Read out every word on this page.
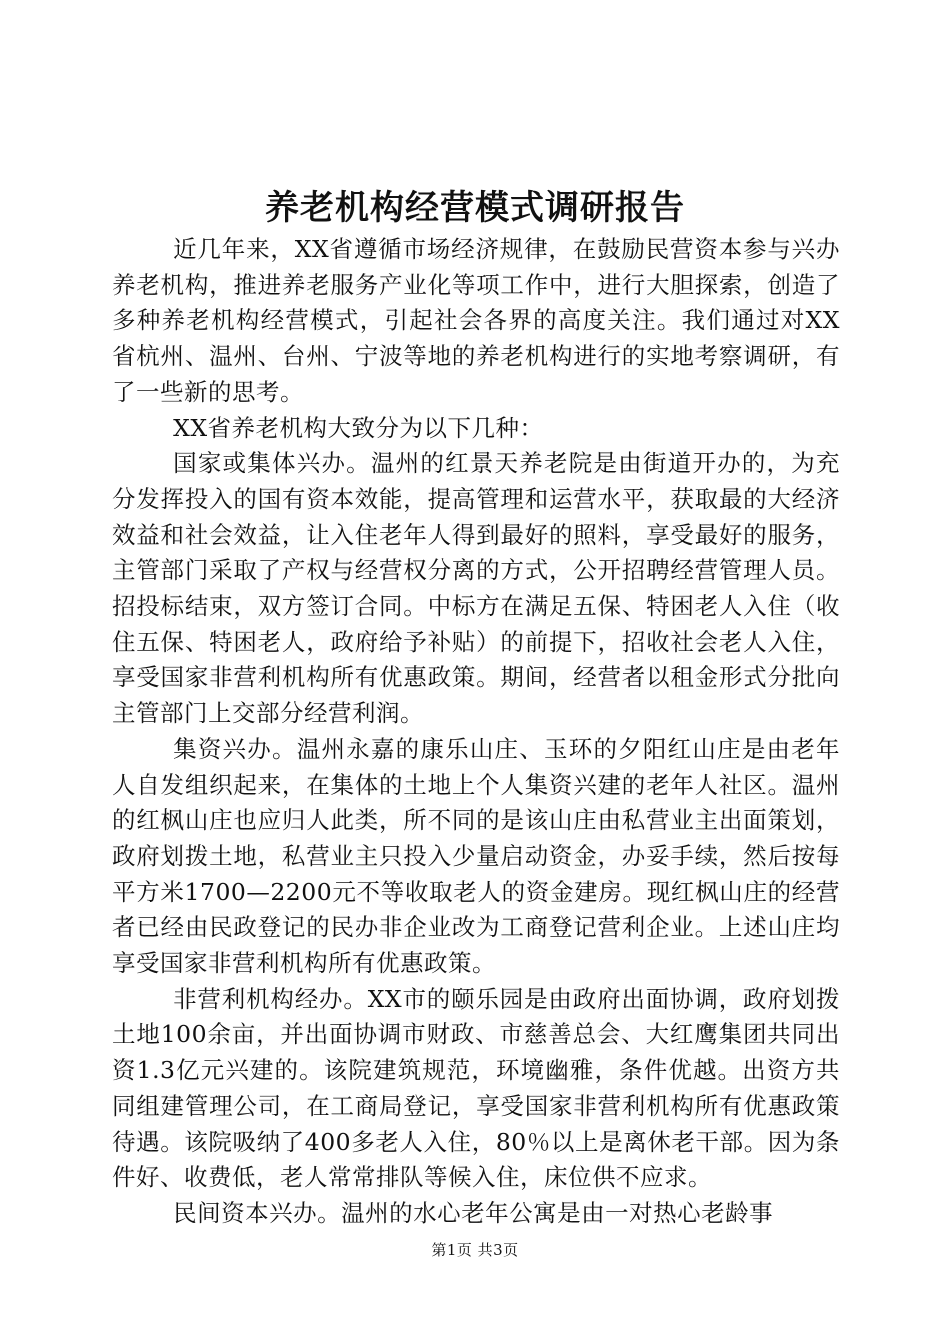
养老机构经营模式调研报告

近几年来，XX省遵循市场经济规律，在鼓励民营资本参与兴办养老机构，推进养老服务产业化等项工作中，进行大胆探索，创造了多种养老机构经营模式，引起社会各界的高度关注。我们通过对XX省杭州、温州、台州、宁波等地的养老机构进行的实地考察调研，有了一些新的思考。

XX省养老机构大致分为以下几种：

国家或集体兴办。温州的红景天养老院是由街道开办的，为充分发挥投入的国有资本效能，提高管理和运营水平，获取最的大经济效益和社会效益，让入住老年人得到最好的照料，享受最好的服务，主管部门采取了产权与经营权分离的方式，公开招聘经营管理人员。招投标结束，双方签订合同。中标方在满足五保、特困老人入住（收住五保、特困老人，政府给予补贴）的前提下，招收社会老人入住，享受国家非营利机构所有优惠政策。期间，经营者以租金形式分批向主管部门上交部分经营利润。

集资兴办。温州永嘉的康乐山庄、玉环的夕阳红山庄是由老年人自发组织起来，在集体的土地上个人集资兴建的老年人社区。温州的红枫山庄也应归人此类，所不同的是该山庄由私营业主出面策划，政府划拨土地，私营业主只投入少量启动资金，办妥手续，然后按每平方米1700—2200元不等收取老人的资金建房。现红枫山庄的经营者已经由民政登记的民办非企业改为工商登记营利企业。上述山庄均享受国家非营利机构所有优惠政策。

非营利机构经办。XX市的颐乐园是由政府出面协调，政府划拨土地100余亩，并出面协调市财政、市慈善总会、大红鹰集团共同出资1.3亿元兴建的。该院建筑规范，环境幽雅，条件优越。出资方共同组建管理公司，在工商局登记，享受国家非营利机构所有优惠政策待遇。该院吸纳了400多老人入住，80％以上是离休老干部。因为条件好、收费低，老人常常排队等候入住，床位供不应求。

民间资本兴办。温州的水心老年公寓是由一对热心老龄事

第1页 共3页
